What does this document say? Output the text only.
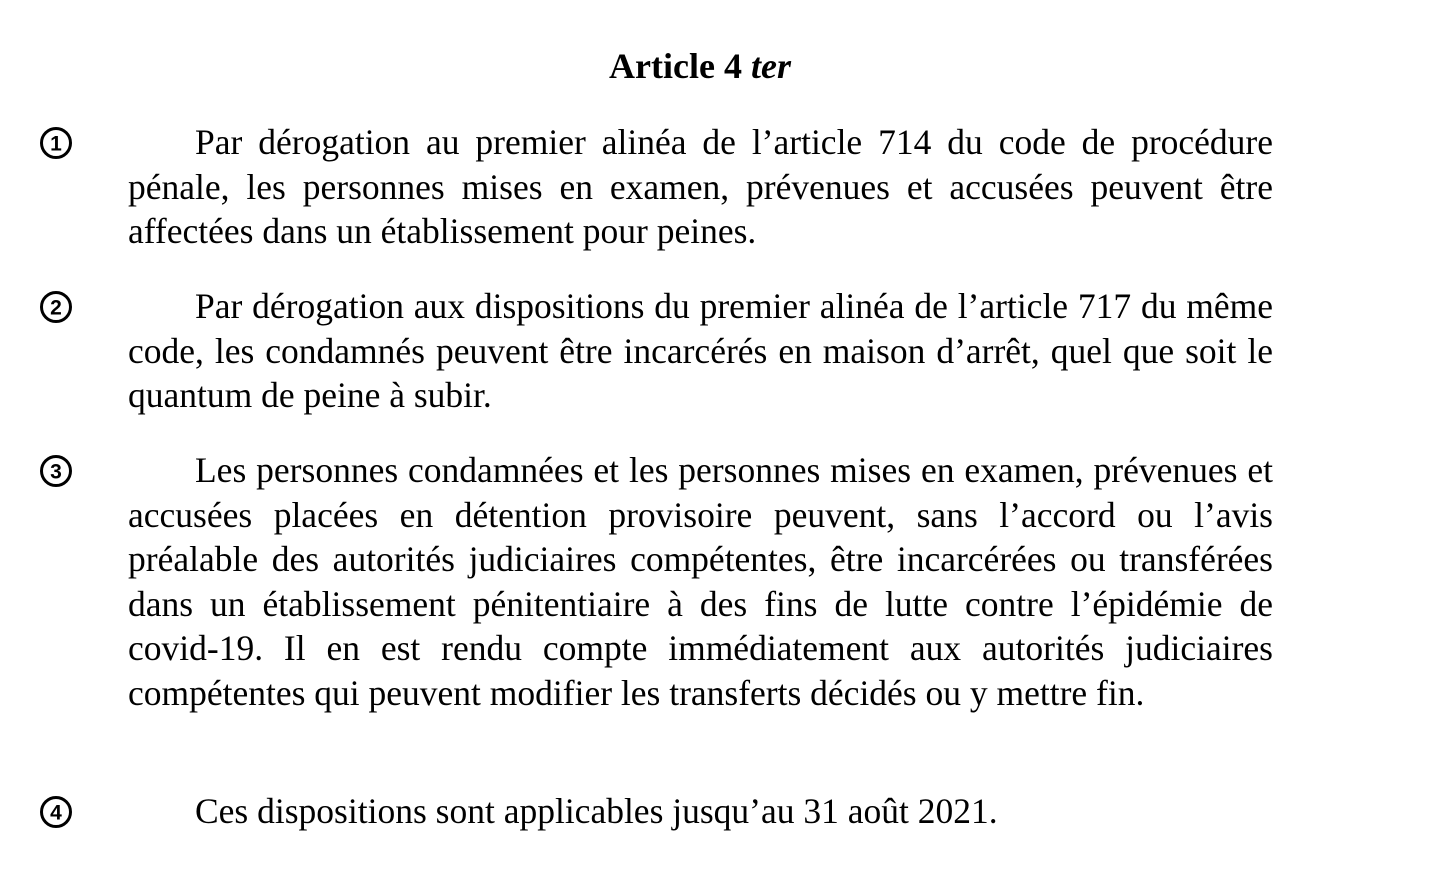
Article 4 ter
1	Par dérogation au premier alinéa de l’article 714 du code de procédure pénale, les personnes mises en examen, prévenues et accusées peuvent être affectées dans un établissement pour peines.

2	Par dérogation aux dispositions du premier alinéa de l’article 717 du même code, les condamnés peuvent être incarcérés en maison d’arrêt, quel que soit le quantum de peine à subir.

3	Les personnes condamnées et les personnes mises en examen, prévenues et accusées placées en détention provisoire peuvent, sans l’accord ou l’avis préalable des autorités judiciaires compétentes, être incarcérées ou transférées dans un établissement pénitentiaire à des fins de lutte contre l’épidémie de covid‑19. Il en est rendu compte immédiatement aux autorités judiciaires compétentes qui peuvent modifier les transferts décidés ou y mettre fin.

4	Ces dispositions sont applicables jusqu’au 31 août 2021.
